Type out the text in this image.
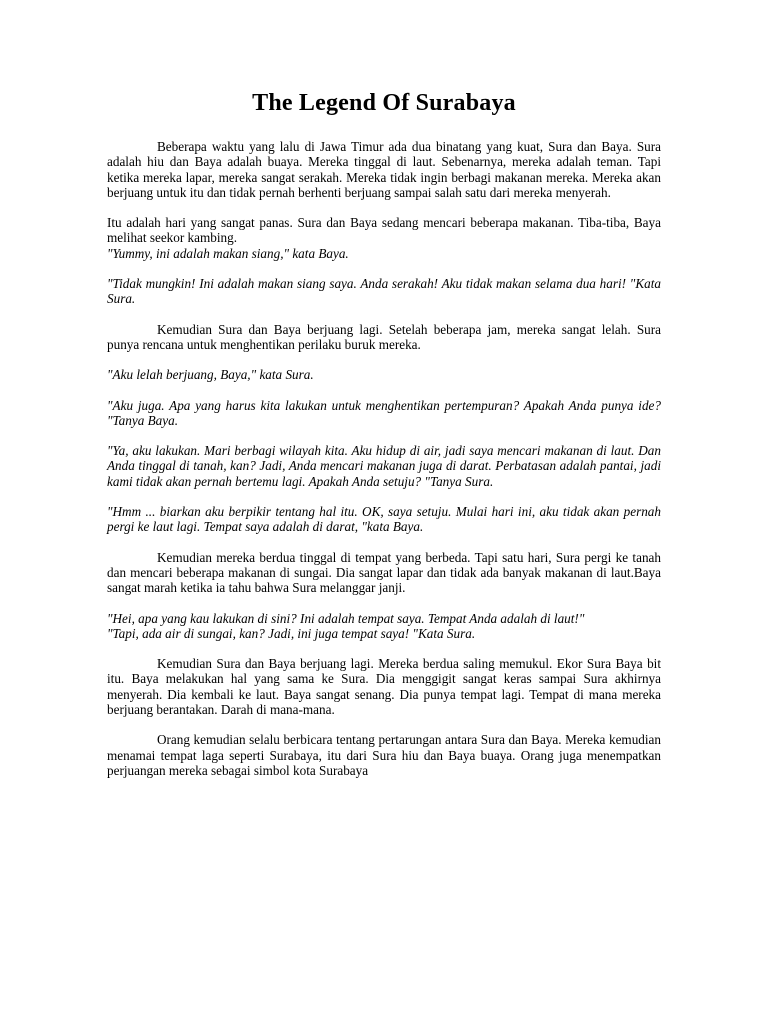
The Legend Of Surabaya

Beberapa waktu yang lalu di Jawa Timur ada dua binatang yang kuat, Sura dan Baya. Sura adalah hiu dan Baya adalah buaya. Mereka tinggal di laut. Sebenarnya, mereka adalah teman. Tapi ketika mereka lapar, mereka sangat serakah. Mereka tidak ingin berbagi makanan mereka. Mereka akan berjuang untuk itu dan tidak pernah berhenti berjuang sampai salah satu dari mereka menyerah.

Itu adalah hari yang sangat panas. Sura dan Baya sedang mencari beberapa makanan. Tiba-tiba, Baya melihat seekor kambing.
"Yummy, ini adalah makan siang," kata Baya.

"Tidak mungkin! Ini adalah makan siang saya. Anda serakah! Aku tidak makan selama dua hari! "Kata Sura.

Kemudian Sura dan Baya berjuang lagi. Setelah beberapa jam, mereka sangat lelah. Sura punya rencana untuk menghentikan perilaku buruk mereka.

"Aku lelah berjuang, Baya," kata Sura.

"Aku juga. Apa yang harus kita lakukan untuk menghentikan pertempuran? Apakah Anda punya ide? "Tanya Baya.

"Ya, aku lakukan. Mari berbagi wilayah kita. Aku hidup di air, jadi saya mencari makanan di laut. Dan Anda tinggal di tanah, kan? Jadi, Anda mencari makanan juga di darat. Perbatasan adalah pantai, jadi kami tidak akan pernah bertemu lagi. Apakah Anda setuju? "Tanya Sura.

"Hmm ... biarkan aku berpikir tentang hal itu. OK, saya setuju. Mulai hari ini, aku tidak akan pernah pergi ke laut lagi. Tempat saya adalah di darat, "kata Baya.

Kemudian mereka berdua tinggal di tempat yang berbeda. Tapi satu hari, Sura pergi ke tanah dan mencari beberapa makanan di sungai. Dia sangat lapar dan tidak ada banyak makanan di laut.Baya sangat marah ketika ia tahu bahwa Sura melanggar janji.

"Hei, apa yang kau lakukan di sini? Ini adalah tempat saya. Tempat Anda adalah di laut!"
"Tapi, ada air di sungai, kan? Jadi, ini juga tempat saya! "Kata Sura.

Kemudian Sura dan Baya berjuang lagi. Mereka berdua saling memukul. Ekor Sura Baya bit itu. Baya melakukan hal yang sama ke Sura. Dia menggigit sangat keras sampai Sura akhirnya menyerah. Dia kembali ke laut. Baya sangat senang. Dia punya tempat lagi. Tempat di mana mereka berjuang berantakan. Darah di mana-mana.

Orang kemudian selalu berbicara tentang pertarungan antara Sura dan Baya. Mereka kemudian menamai tempat laga seperti Surabaya, itu dari Sura hiu dan Baya buaya. Orang juga menempatkan perjuangan mereka sebagai simbol kota Surabaya
